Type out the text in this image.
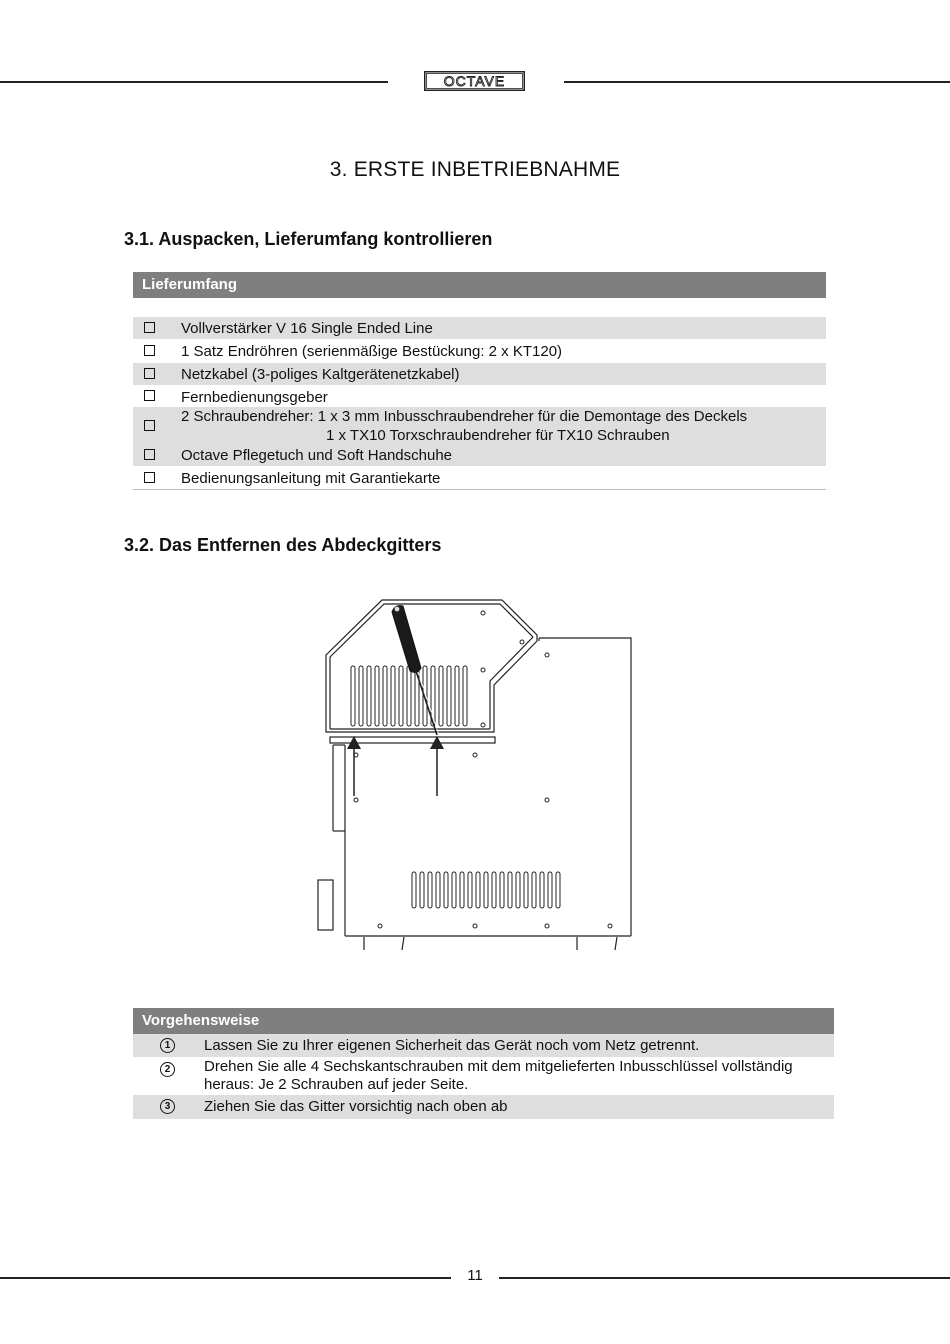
OCTAVE
3. ERSTE INBETRIEBNAHME
3.1. Auspacken, Lieferumfang kontrollieren
Lieferumfang
Vollverstärker V 16 Single Ended Line
1 Satz Endröhren (serienmäßige Bestückung: 2 x KT120)
Netzkabel (3-poliges Kaltgerätenetzkabel)
Fernbedienungsgeber
2 Schraubendreher: 1 x 3 mm Inbusschraubendreher für die Demontage des Deckels
1 x TX10 Torxschraubendreher für TX10 Schrauben
Octave Pflegetuch und Soft Handschuhe
Bedienungsanleitung mit Garantiekarte
3.2. Das Entfernen des Abdeckgitters
Vorgehensweise
1	Lassen Sie zu Ihrer eigenen Sicherheit das Gerät noch vom Netz getrennt.
2	Drehen Sie alle 4 Sechskantschrauben mit dem mitgelieferten Inbusschlüssel vollständig
heraus: Je 2 Schrauben auf jeder Seite.
3	Ziehen Sie das Gitter vorsichtig nach oben ab
11
